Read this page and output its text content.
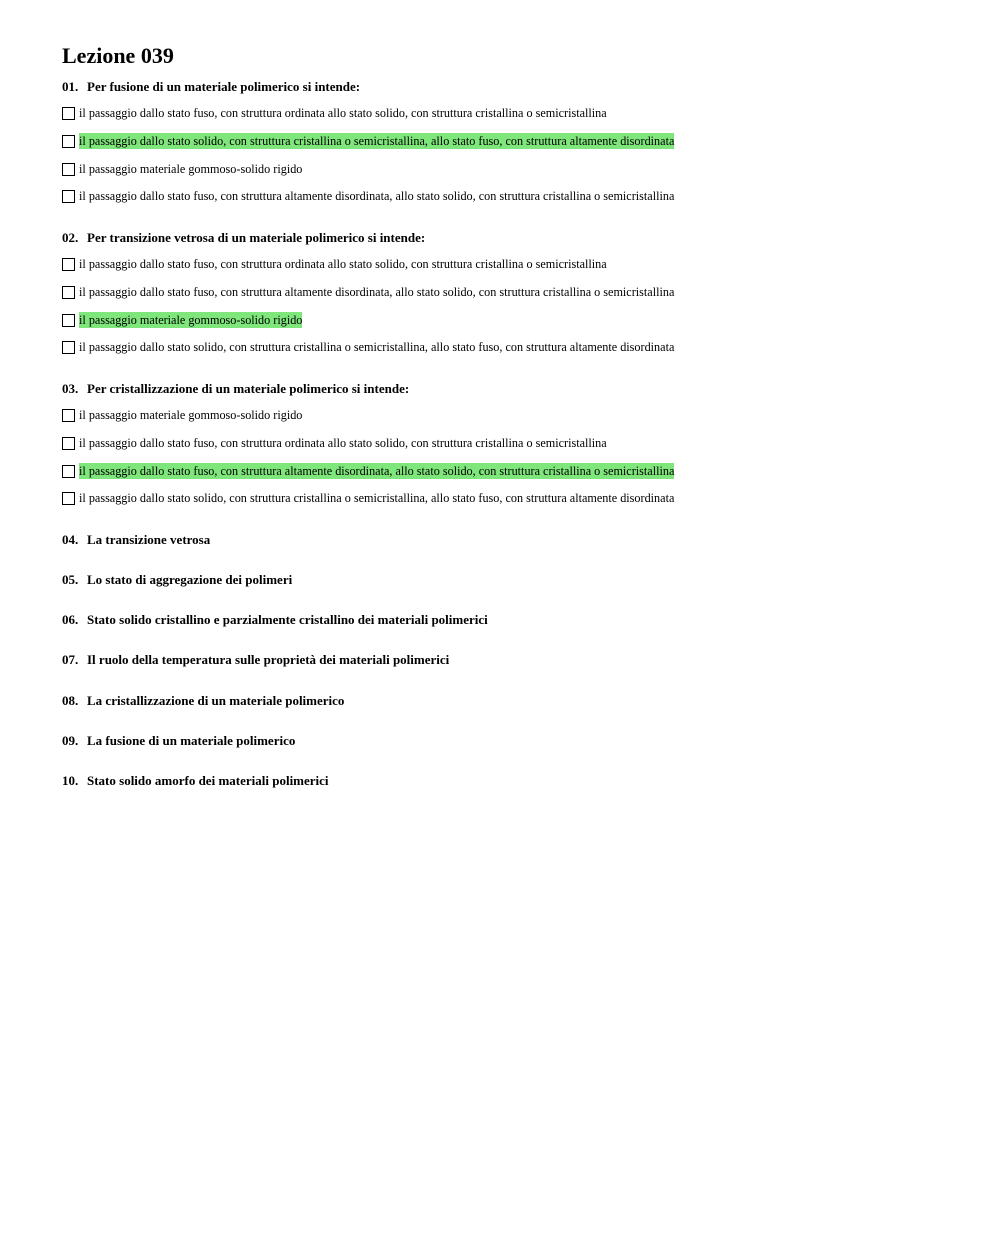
Lezione 039
01. Per fusione di un materiale polimerico si intende:
il passaggio dallo stato fuso, con struttura ordinata allo stato solido, con struttura cristallina o semicristallina
il passaggio dallo stato solido, con struttura cristallina o semicristallina, allo stato fuso, con struttura altamente disordinata
il passaggio materiale gommoso-solido rigido
il passaggio dallo stato fuso, con struttura altamente disordinata, allo stato solido, con struttura cristallina o semicristallina
02. Per transizione vetrosa di un materiale polimerico si intende:
il passaggio dallo stato fuso, con struttura ordinata allo stato solido, con struttura cristallina o semicristallina
il passaggio dallo stato fuso, con struttura altamente disordinata, allo stato solido, con struttura cristallina o semicristallina
il passaggio materiale gommoso-solido rigido
il passaggio dallo stato solido, con struttura cristallina o semicristallina, allo stato fuso, con struttura altamente disordinata
03. Per cristallizzazione di un materiale polimerico si intende:
il passaggio materiale gommoso-solido rigido
il passaggio dallo stato fuso, con struttura ordinata allo stato solido, con struttura cristallina o semicristallina
il passaggio dallo stato fuso, con struttura altamente disordinata, allo stato solido, con struttura cristallina o semicristallina
il passaggio dallo stato solido, con struttura cristallina o semicristallina, allo stato fuso, con struttura altamente disordinata
04. La transizione vetrosa
05. Lo stato di aggregazione dei polimeri
06. Stato solido cristallino e parzialmente cristallino dei materiali polimerici
07. Il ruolo della temperatura sulle proprietà dei materiali polimerici
08. La cristallizzazione di un materiale polimerico
09. La fusione di un materiale polimerico
10. Stato solido amorfo dei materiali polimerici
